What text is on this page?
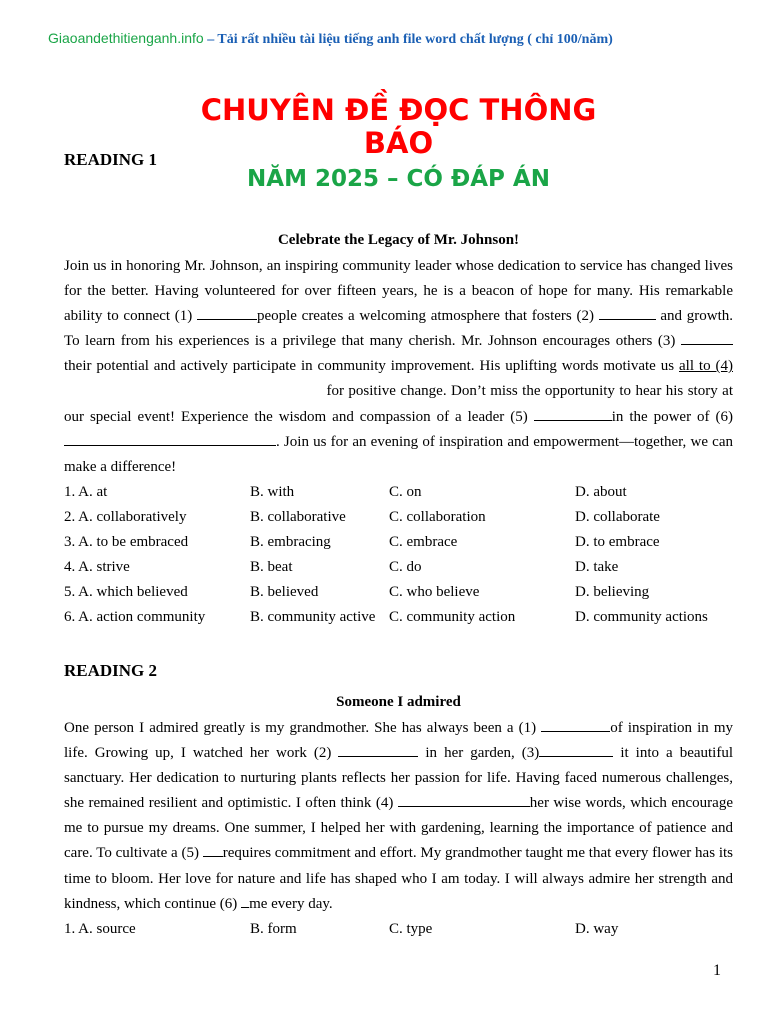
Giaoandethitienganh.info – Tải rất nhiều tài liệu tiếng anh file word chất lượng ( chỉ 100/năm)
CHUYÊN ĐỀ ĐỌC THÔNG
BÁO
NĂM 2025 – CÓ ĐÁP ÁN
READING 1
Celebrate the Legacy of Mr. Johnson!

Join us in honoring Mr. Johnson, an inspiring community leader whose dedication to service has changed lives for the better. Having volunteered for over fifteen years, he is a beacon of hope for many. His remarkable ability to connect (1)	people creates a welcoming atmosphere that fosters (2)	and growth. To learn from his experiences is a privilege that many cherish. Mr. Johnson encourages others (3)  their potential and actively participate in community improvement. His uplifting words motivate us all to (4)  for positive change. Don’t miss the opportunity to hear his story at our special event! Experience the wisdom and compassion of a leader (5)	in the power of (6) . Join us for an evening of inspiration and empowerment—together, we can make a difference!

1. A. at	B. with	C. on	D. about
2. A. collaboratively	B. collaborative	C. collaboration	D. collaborate
3. A. to be embraced	B. embracing	C. embrace	D. to embrace
4. A. strive	B. beat	C. do	D. take
5. A. which believed	B. believed	C. who believe	D. believing
6. A. action community	B. community active C. community action	D. community actions
READING 2
Someone I admired

One person I admired greatly is my grandmother. She has always been a (1)	of inspiration in my life. Growing up, I watched her work (2)	in her garden, (3)	it into a beautiful sanctuary. Her dedication to nurturing plants reflects her passion for life. Having faced numerous challenges, she remained resilient and optimistic. I often think (4)	her wise words, which encourage me to pursue my dreams. One summer, I helped her with gardening, learning the importance of patience and care. To cultivate a (5) requires commitment and effort. My grandmother taught me that every flower has its time to bloom. Her love for nature and life has shaped who I am today. I will always admire her strength and kindness, which continue (6) me every day.

1. A. source	B. form	C. type	D. way
1
